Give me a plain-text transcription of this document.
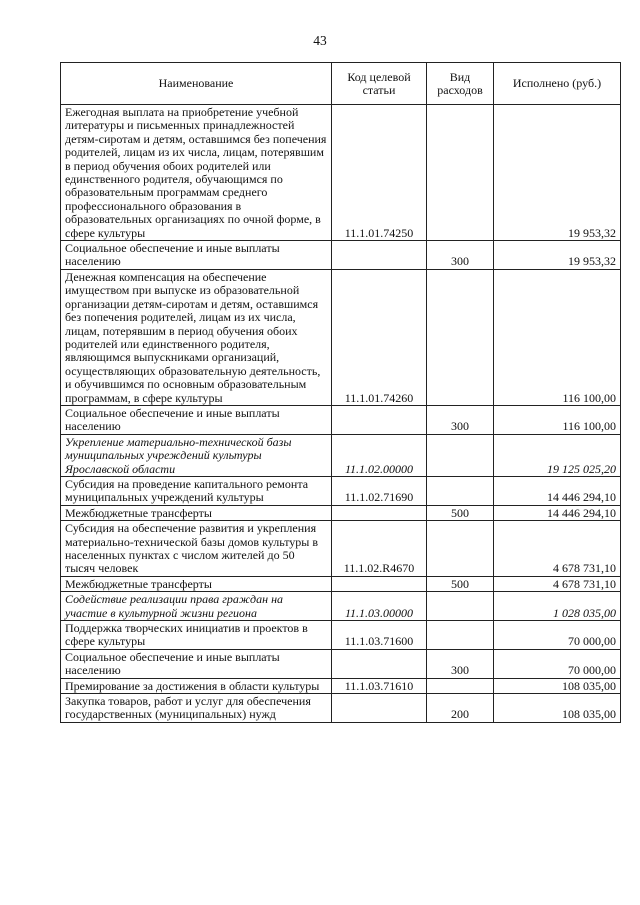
43
Наименование	Код целевой статьи	Вид расходов	Исполнено (руб.)
Ежегодная выплата на приобретение учебной литературы и письменных принадлежностей детям-сиротам и детям, оставшимся без попечения родителей, лицам из их числа, лицам, потерявшим в период обучения обоих родителей или единственного родителя, обучающимся по образовательным программам среднего профессионального образования в образовательных организациях по очной форме, в сфере культуры	11.1.01.74250		19 953,32
Социальное обеспечение и иные выплаты населению		300	19 953,32
Денежная компенсация на обеспечение имуществом при выпуске из образовательной организации детям-сиротам и детям, оставшимся без попечения родителей, лицам из их числа, лицам, потерявшим в период обучения обоих родителей или единственного родителя, являющимся выпускниками организаций, осуществляющих образовательную деятельность, и обучившимся по основным образовательным программам, в сфере культуры	11.1.01.74260		116 100,00
Социальное обеспечение и иные выплаты населению		300	116 100,00
Укрепление материально-технической базы муниципальных учреждений культуры Ярославской области	11.1.02.00000		19 125 025,20
Субсидия на проведение капитального ремонта муниципальных учреждений культуры	11.1.02.71690		14 446 294,10
Межбюджетные трансферты		500	14 446 294,10
Субсидия на обеспечение развития и укрепления материально-технической базы домов культуры в населенных пунктах с числом жителей до 50 тысяч человек	11.1.02.R4670		4 678 731,10
Межбюджетные трансферты		500	4 678 731,10
Содействие реализации права граждан на участие в культурной жизни региона	11.1.03.00000		1 028 035,00
Поддержка творческих инициатив и проектов в сфере культуры	11.1.03.71600		70 000,00
Социальное обеспечение и иные выплаты населению		300	70 000,00
Премирование за достижения в области культуры	11.1.03.71610		108 035,00
Закупка товаров, работ и услуг для обеспечения государственных (муниципальных) нужд		200	108 035,00
